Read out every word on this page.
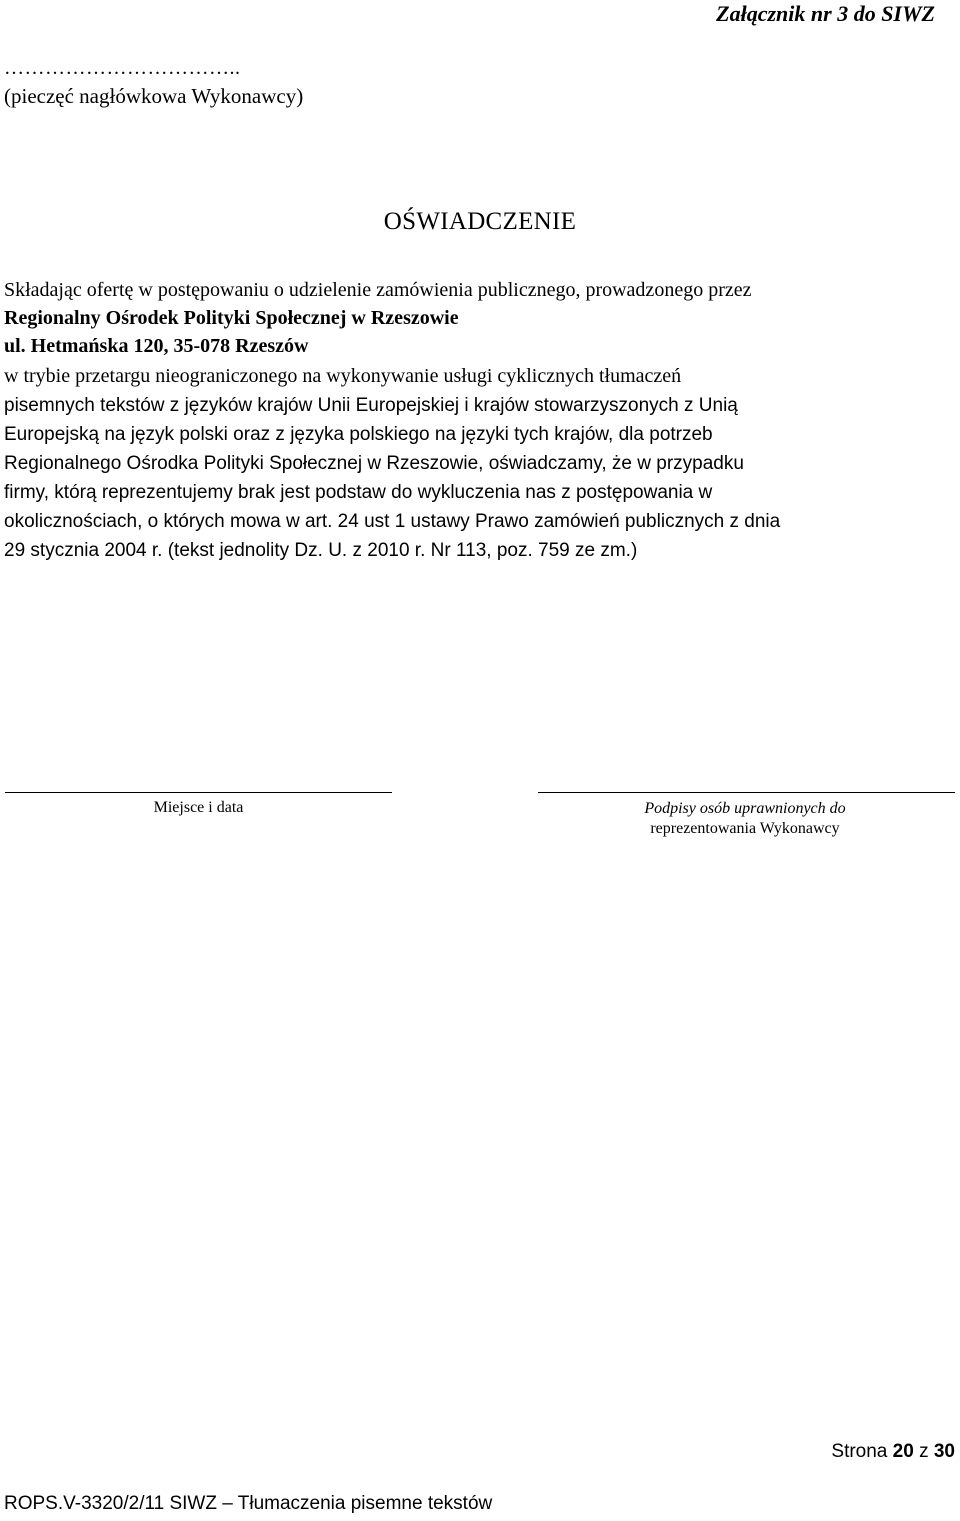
Załącznik nr 3 do SIWZ
……………………………..
(pieczęć nagłówkowa Wykonawcy)
OŚWIADCZENIE
Składając ofertę w postępowaniu o udzielenie zamówienia publicznego, prowadzonego przez
Regionalny Ośrodek Polityki Społecznej w Rzeszowie
ul. Hetmańska 120, 35-078 Rzeszów
w trybie przetargu nieograniczonego na wykonywanie usługi cyklicznych tłumaczeń
pisemnych tekstów z języków krajów Unii Europejskiej i krajów stowarzyszonych z Unią
Europejską na język polski oraz z języka polskiego na języki tych krajów, dla potrzeb
Regionalnego Ośrodka Polityki Społecznej w Rzeszowie, oświadczamy, że w przypadku
firmy, którą reprezentujemy brak jest podstaw do wykluczenia nas z postępowania w
okolicznościach, o których mowa w art. 24 ust 1 ustawy Prawo zamówień publicznych z dnia
29 stycznia 2004 r. (tekst jednolity Dz. U. z 2010 r. Nr 113, poz. 759 ze zm.)
Miejsce i data	Podpisy osób uprawnionych do
reprezentowania Wykonawcy
Strona 20 z 30
ROPS.V-3320/2/11 SIWZ – Tłumaczenia pisemne tekstów
